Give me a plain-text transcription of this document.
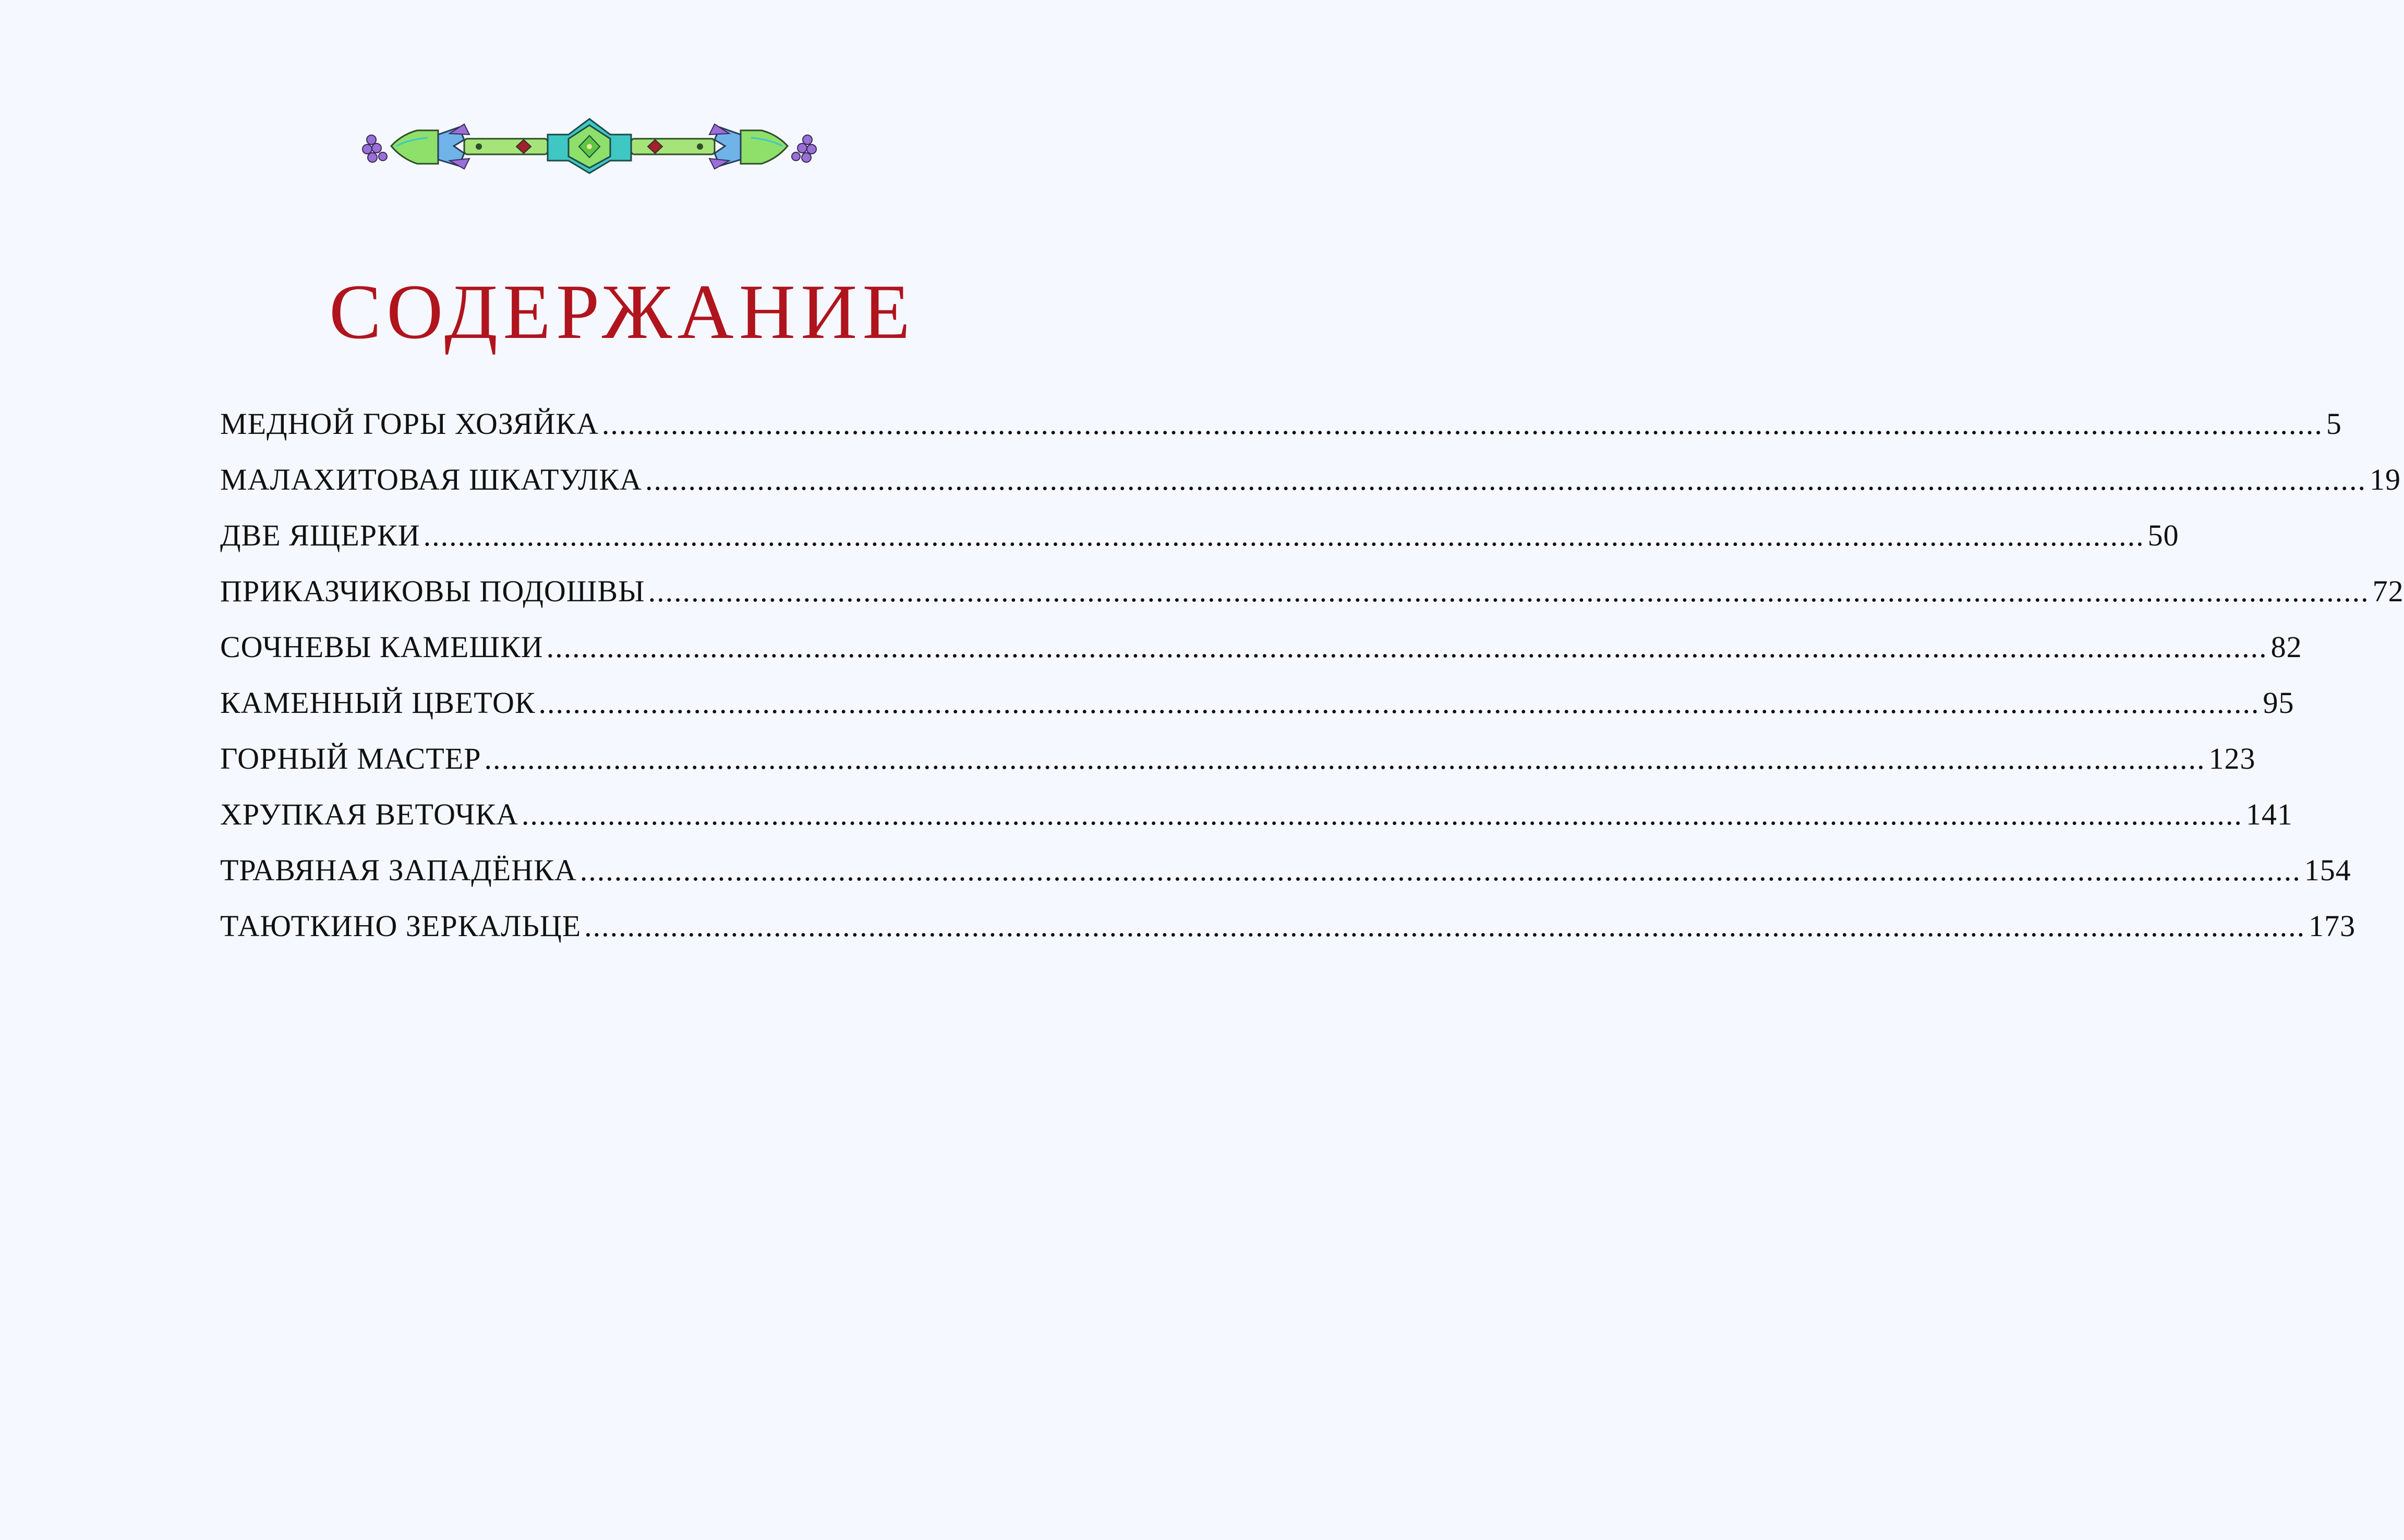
СОДЕРЖАНИЕ
МЕДНОЙ ГОРЫ ХОЗЯЙКА ........................................................................................................................................................................................................ 5
МАЛАХИТОВАЯ ШКАТУЛКА ........................................................................................................................................................................................................ 19
ДВЕ ЯЩЕРКИ ........................................................................................................................................................................................................ 50
ПРИКАЗЧИКОВЫ ПОДОШВЫ ........................................................................................................................................................................................................ 72
СОЧНЕВЫ КАМЕШКИ ........................................................................................................................................................................................................ 82
КАМЕННЫЙ ЦВЕТОК ........................................................................................................................................................................................................ 95
ГОРНЫЙ МАСТЕР ........................................................................................................................................................................................................ 123
ХРУПКАЯ ВЕТОЧКА ........................................................................................................................................................................................................ 141
ТРАВЯНАЯ ЗАПАДЁНКА ........................................................................................................................................................................................................ 154
ТАЮТКИНО ЗЕРКАЛЬЦЕ ........................................................................................................................................................................................................ 173
